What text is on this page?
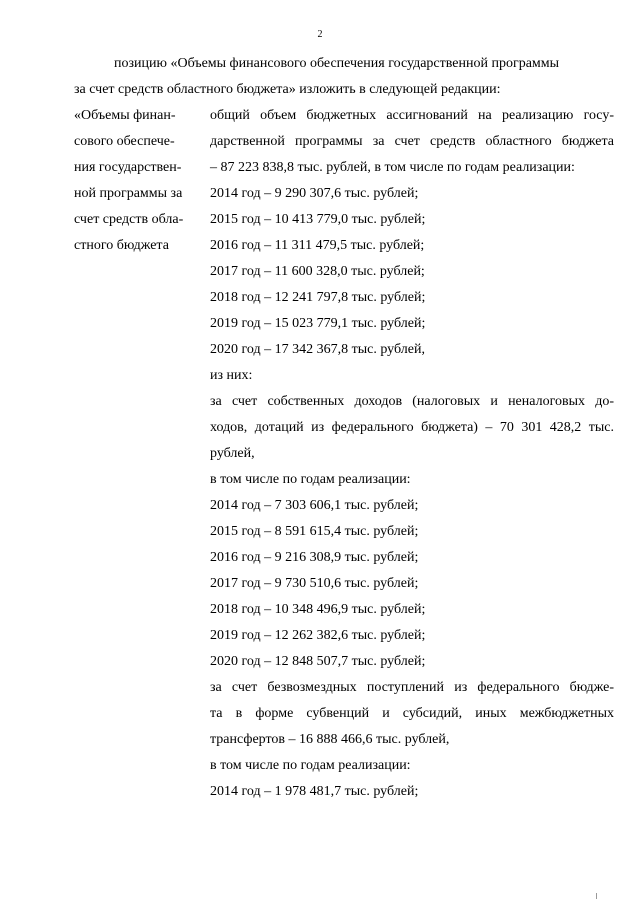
2
позицию «Объемы финансового обеспечения государственной программы
за счет средств областного бюджета» изложить в следующей редакции:
«Объемы финан-
сового обеспече-
ния государствен-
ной программы за
счет средств обла-
стного бюджета
общий объем бюджетных ассигнований на реализацию госу-
дарственной программы за счет средств областного бюджета
– 87 223 838,8 тыс. рублей, в том числе по годам реализации:
2014 год – 9 290 307,6 тыс. рублей;
2015 год – 10 413 779,0 тыс. рублей;
2016 год – 11 311 479,5 тыс. рублей;
2017 год – 11 600 328,0 тыс. рублей;
2018 год – 12 241 797,8 тыс. рублей;
2019 год – 15 023 779,1 тыс. рублей;
2020 год – 17 342 367,8 тыс. рублей,
из них:
за счет собственных доходов (налоговых и неналоговых до-
ходов, дотаций из федерального бюджета) – 70 301 428,2 тыс.
рублей,
в том числе по годам реализации:
2014 год – 7 303 606,1 тыс. рублей;
2015 год – 8 591 615,4 тыс. рублей;
2016 год – 9 216 308,9 тыс. рублей;
2017 год – 9 730 510,6 тыс. рублей;
2018 год – 10 348 496,9 тыс. рублей;
2019 год – 12 262 382,6 тыс. рублей;
2020 год – 12 848 507,7 тыс. рублей;
за счет безвозмездных поступлений из федерального бюдже-
та в форме субвенций и субсидий, иных межбюджетных
трансфертов – 16 888 466,6 тыс. рублей,
в том числе по годам реализации:
2014 год – 1 978 481,7 тыс. рублей;
